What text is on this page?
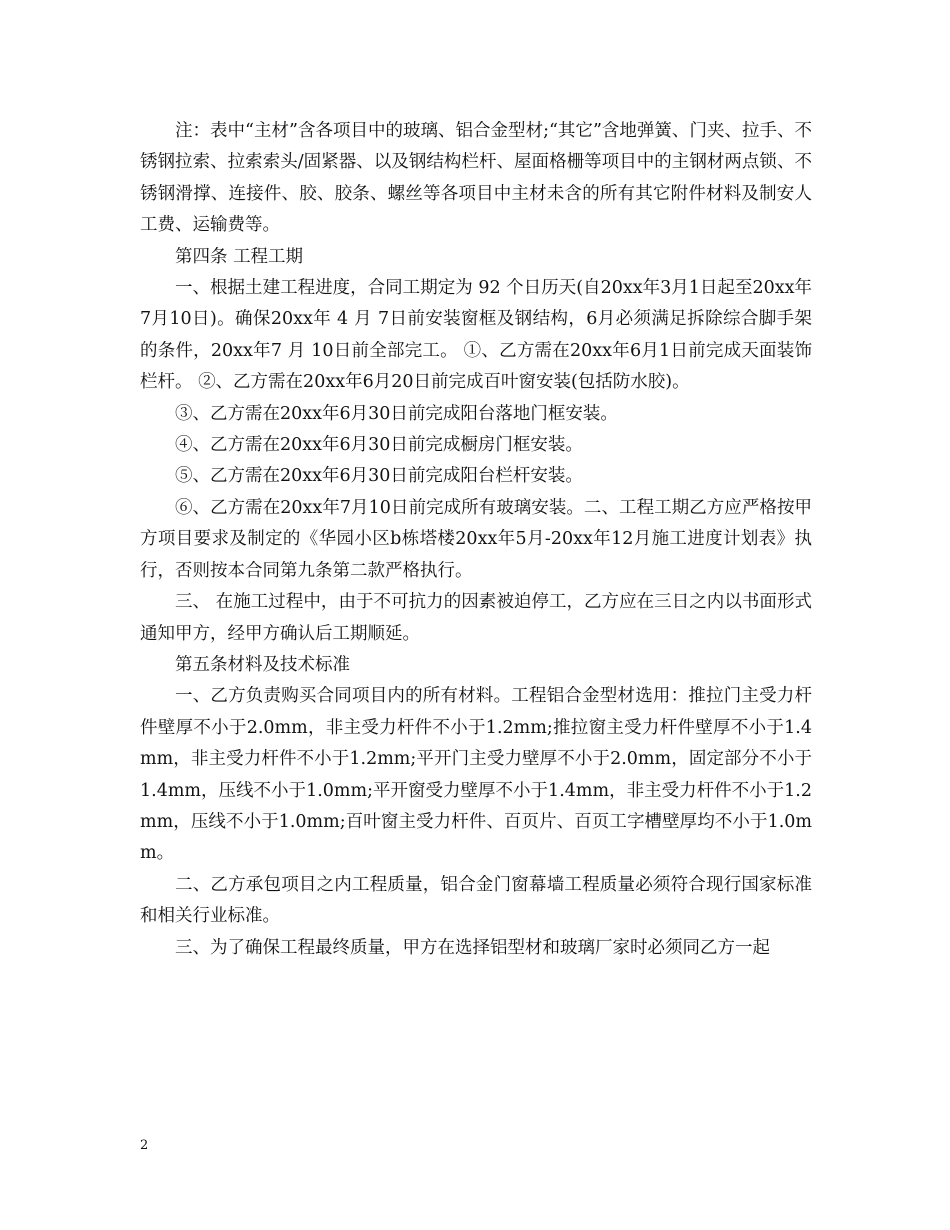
注：表中“主材”含各项目中的玻璃、铝合金型材;“其它”含地弹簧、门夹、拉手、不锈钢拉索、拉索索头/固紧器、以及钢结构栏杆、屋面格栅等项目中的主钢材两点锁、不锈钢滑撑、连接件、胶、胶条、螺丝等各项目中主材未含的所有其它附件材料及制安人工费、运输费等。

第四条 工程工期

一、根据土建工程进度，合同工期定为 92 个日历天(自20xx年3月1日起至20xx年7月10日)。确保20xx年 4 月 7日前安装窗框及钢结构，6月必须满足拆除综合脚手架的条件，20xx年7 月 10日前全部完工。 ①、乙方需在20xx年6月1日前完成天面装饰栏杆。 ②、乙方需在20xx年6月20日前完成百叶窗安装(包括防水胶)。

③、乙方需在20xx年6月30日前完成阳台落地门框安装。

④、乙方需在20xx年6月30日前完成橱房门框安装。

⑤、乙方需在20xx年6月30日前完成阳台栏杆安装。

⑥、乙方需在20xx年7月10日前完成所有玻璃安装。二、工程工期乙方应严格按甲方项目要求及制定的《华园小区b栋塔楼20xx年5月-20xx年12月施工进度计划表》执行，否则按本合同第九条第二款严格执行。

三、 在施工过程中，由于不可抗力的因素被迫停工，乙方应在三日之内以书面形式通知甲方，经甲方确认后工期顺延。

第五条材料及技术标准

一、乙方负责购买合同项目内的所有材料。工程铝合金型材选用：推拉门主受力杆件壁厚不小于2.0mm，非主受力杆件不小于1.2mm;推拉窗主受力杆件壁厚不小于1.4mm，非主受力杆件不小于1.2mm;平开门主受力壁厚不小于2.0mm，固定部分不小于1.4mm，压线不小于1.0mm;平开窗受力壁厚不小于1.4mm，非主受力杆件不小于1.2mm，压线不小于1.0mm;百叶窗主受力杆件、百页片、百页工字槽壁厚均不小于1.0mm。

二、乙方承包项目之内工程质量，铝合金门窗幕墙工程质量必须符合现行国家标准和相关行业标准。

三、为了确保工程最终质量，甲方在选择铝型材和玻璃厂家时必须同乙方一起

2
